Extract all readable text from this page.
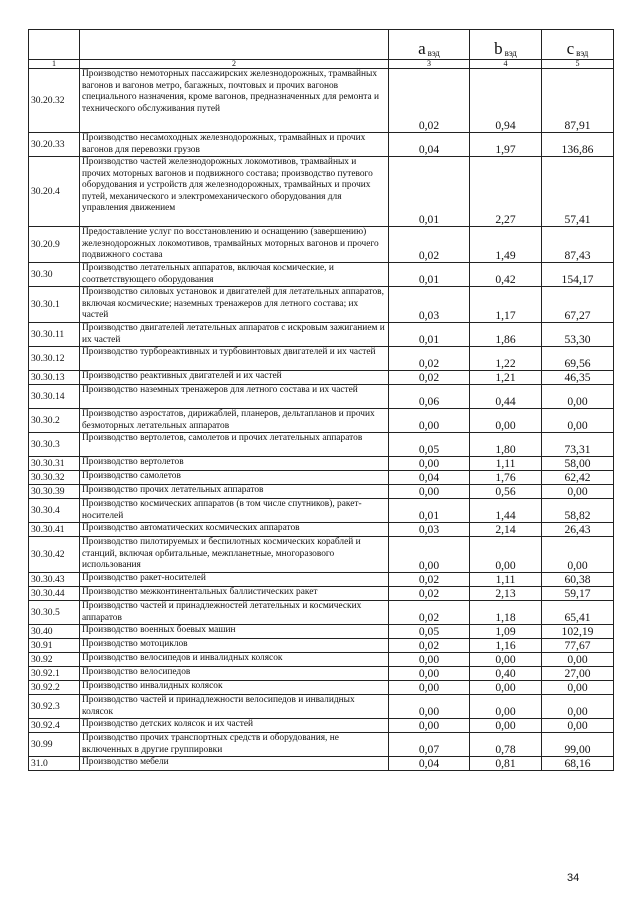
		a $_{вэд}$	b $_{вэд}$	c $_{вэд}$
1	2	3	4	5
30.20.32	Производство немоторных пассажирских железнодорожных, трамвайных вагонов и вагонов метро, багажных, почтовых и прочих вагонов специального назначения, кроме вагонов, предназначенных для ремонта и технического обслуживания путей	0,02	0,94	87,91
30.20.33	Производство несамоходных железнодорожных, трамвайных и прочих вагонов для перевозки грузов	0,04	1,97	136,86
30.20.4	Производство частей железнодорожных локомотивов, трамвайных и прочих моторных вагонов и подвижного состава; производство путевого оборудования и устройств для железнодорожных, трамвайных и прочих путей, механического и электромеханического оборудования для управления движением	0,01	2,27	57,41
30.20.9	Предоставление услуг по восстановлению и оснащению (завершению) железнодорожных локомотивов, трамвайных моторных вагонов и прочего подвижного состава	0,02	1,49	87,43
30.30	Производство летательных аппаратов, включая космические, и соответствующего оборудования	0,01	0,42	154,17
30.30.1	Производство силовых установок и двигателей для летательных аппаратов, включая космические; наземных тренажеров для летного состава; их частей	0,03	1,17	67,27
30.30.11	Производство двигателей летательных аппаратов с искровым зажиганием и их частей	0,01	1,86	53,30
30.30.12	Производство турбореактивных и турбовинтовых двигателей и их частей	0,02	1,22	69,56
30.30.13	Производство реактивных двигателей и их частей	0,02	1,21	46,35
30.30.14	Производство наземных тренажеров для летного состава и их частей	0,06	0,44	0,00
30.30.2	Производство аэростатов, дирижаблей, планеров, дельтапланов и прочих безмоторных летательных аппаратов	0,00	0,00	0,00
30.30.3	Производство вертолетов, самолетов и прочих летательных аппаратов	0,05	1,80	73,31
30.30.31	Производство вертолетов	0,00	1,11	58,00
30.30.32	Производство самолетов	0,04	1,76	62,42
30.30.39	Производство прочих летательных аппаратов	0,00	0,56	0,00
30.30.4	Производство космических аппаратов (в том числе спутников), ракет-носителей	0,01	1,44	58,82
30.30.41	Производство автоматических космических аппаратов	0,03	2,14	26,43
30.30.42	Производство пилотируемых и беспилотных космических кораблей и станций, включая орбитальные, межпланетные, многоразового использования	0,00	0,00	0,00
30.30.43	Производство ракет-носителей	0,02	1,11	60,38
30.30.44	Производство межконтинентальных баллистических ракет	0,02	2,13	59,17
30.30.5	Производство частей и принадлежностей летательных и космических аппаратов	0,02	1,18	65,41
30.40	Производство военных боевых машин	0,05	1,09	102,19
30.91	Производство мотоциклов	0,02	1,16	77,67
30.92	Производство велосипедов и инвалидных колясок	0,00	0,00	0,00
30.92.1	Производство велосипедов	0,00	0,40	27,00
30.92.2	Производство инвалидных колясок	0,00	0,00	0,00
30.92.3	Производство частей и принадлежности велосипедов и инвалидных колясок	0,00	0,00	0,00
30.92.4	Производство детских колясок и их частей	0,00	0,00	0,00
30.99	Производство прочих транспортных средств и оборудования, не включенных в другие группировки	0,07	0,78	99,00
31.0	Производство мебели	0,04	0,81	68,16
34
